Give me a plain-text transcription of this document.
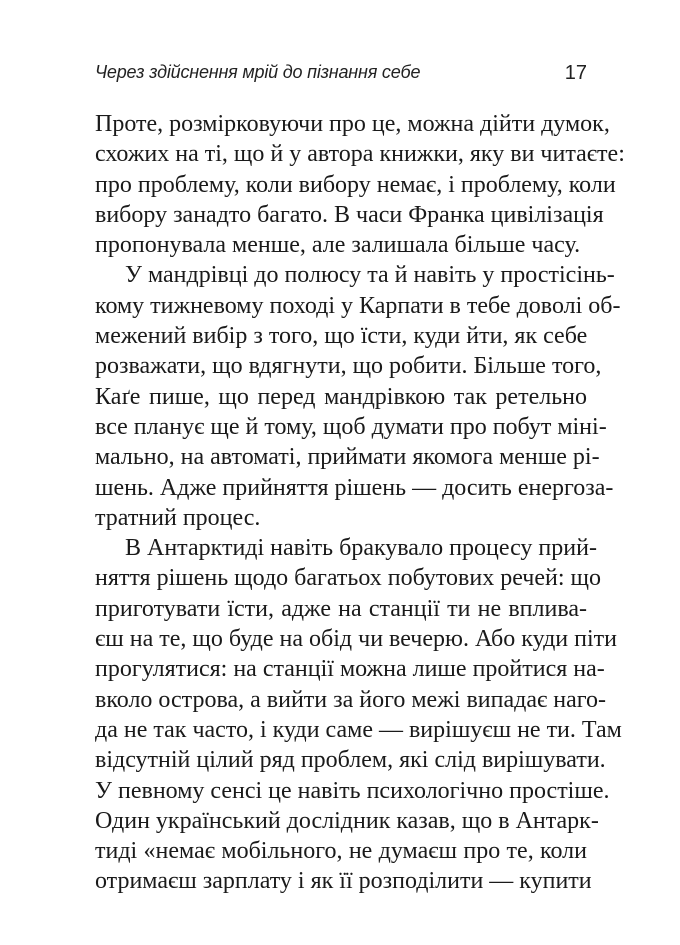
Через здійснення мрій до пізнання себе	17
Проте, розмірковуючи про це, можна дійти думок,
схожих на ті, що й у автора книжки, яку ви читаєте:
про проблему, коли вибору немає, і проблему, коли
вибору занадто багато. В часи Франка цивілізація
пропонувала менше, але залишала більше часу.
У мандрівці до полюсу та й навіть у простісінь-
кому тижневому поході у Карпати в тебе доволі об-
межений вибір з того, що їсти, куди йти, як себе
розважати, що вдягнути, що робити. Більше того,
Каґе пише, що перед мандрівкою так ретельно
все планує ще й тому, щоб думати про побут міні-
мально, на автоматі, приймати якомога менше рі-
шень. Адже прийняття рішень — досить енергоза-
тратний процес.
В Антарктиді навіть бракувало процесу прий-
няття рішень щодо багатьох побутових речей: що
приготувати їсти, адже на станції ти не вплива-
єш на те, що буде на обід чи вечерю. Або куди піти
прогулятися: на станції можна лише пройтися на-
вколо острова, а вийти за його межі випадає наго-
да не так часто, і куди саме — вирішуєш не ти. Там
відсутній цілий ряд проблем, які слід вирішувати.
У певному сенсі це навіть психологічно простіше.
Один український дослідник казав, що в Антарк-
тиді «немає мобільного, не думаєш про те, коли
отримаєш зарплату і як її розподілити — купити
